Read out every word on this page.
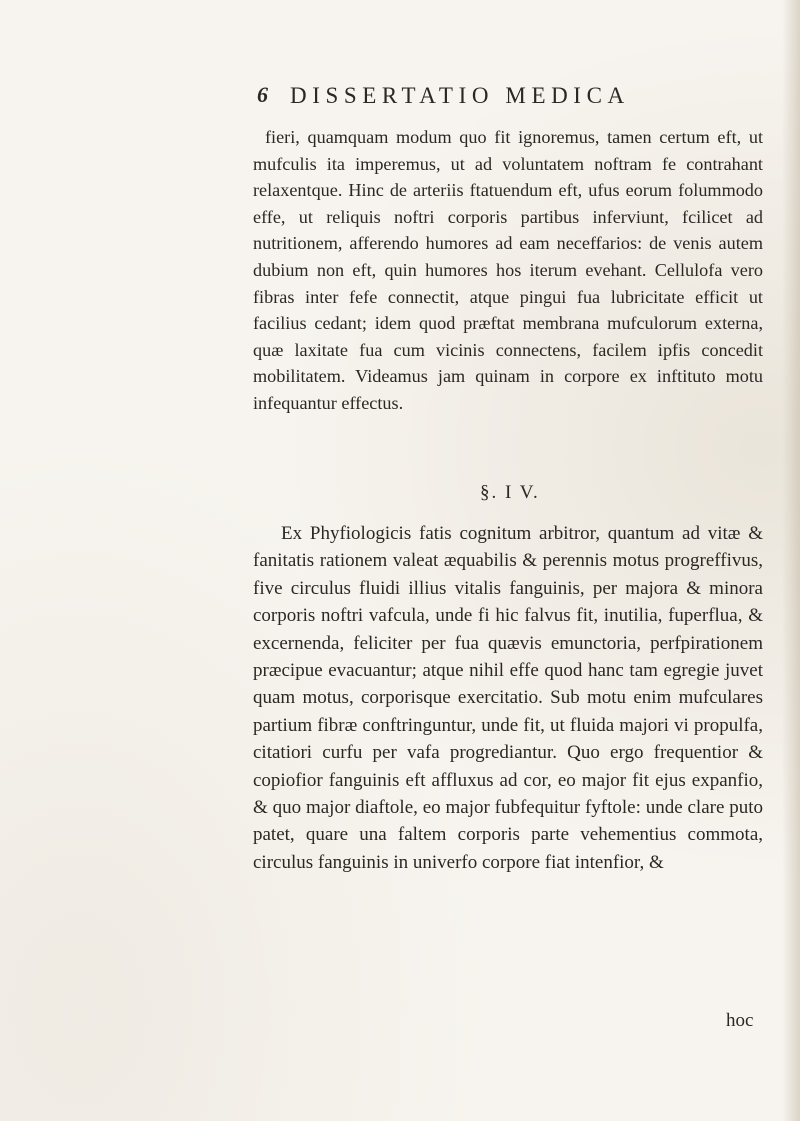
6 DISSERTATIO MEDICA

fieri, quamquam modum quo fit ignoremus, tamen certum eft, ut mufculis ita imperemus, ut ad voluntatem noftram fe contrahant relaxentque. Hinc de arteriis ftatuendum eft, ufus eorum folummodo effe, ut reliquis noftri corporis partibus inferviunt, fcilicet ad nutritionem, afferendo humores ad eam neceffarios: de venis autem dubium non eft, quin humores hos iterum evehant. Cellulofa vero fibras inter fefe connectit, atque pingui fua lubricitate efficit ut facilius cedant; idem quod præftat membrana mufculorum externa, quæ laxitate fua cum vicinis connectens, facilem ipfis concedit mobilitatem. Videamus jam quinam in corpore ex inftituto motu infequantur effectus.

§. I V.

Ex Phyfiologicis fatis cognitum arbitror, quantum ad vitæ & fanitatis rationem valeat æquabilis & perennis motus progreffivus, five circulus fluidi illius vitalis fanguinis, per majora & minora corporis noftri vafcula, unde fi hic falvus fit, inutilia, fuperflua, & excernenda, feliciter per fua quævis emunctoria, perfpirationem præcipue evacuantur; atque nihil effe quod hanc tam egregie juvet quam motus, corporisque exercitatio. Sub motu enim mufculares partium fibræ conftringuntur, unde fit, ut fluida majori vi propulfa, citatiori curfu per vafa progrediantur. Quo ergo frequentior & copiofior fanguinis eft affluxus ad cor, eo major fit ejus expanfio, & quo major diaftole, eo major fubfequitur fyftole: unde clare puto patet, quare una faltem corporis parte vehementius commota, circulus fanguinis in univerfo corpore fiat intenfior, &

hoc
